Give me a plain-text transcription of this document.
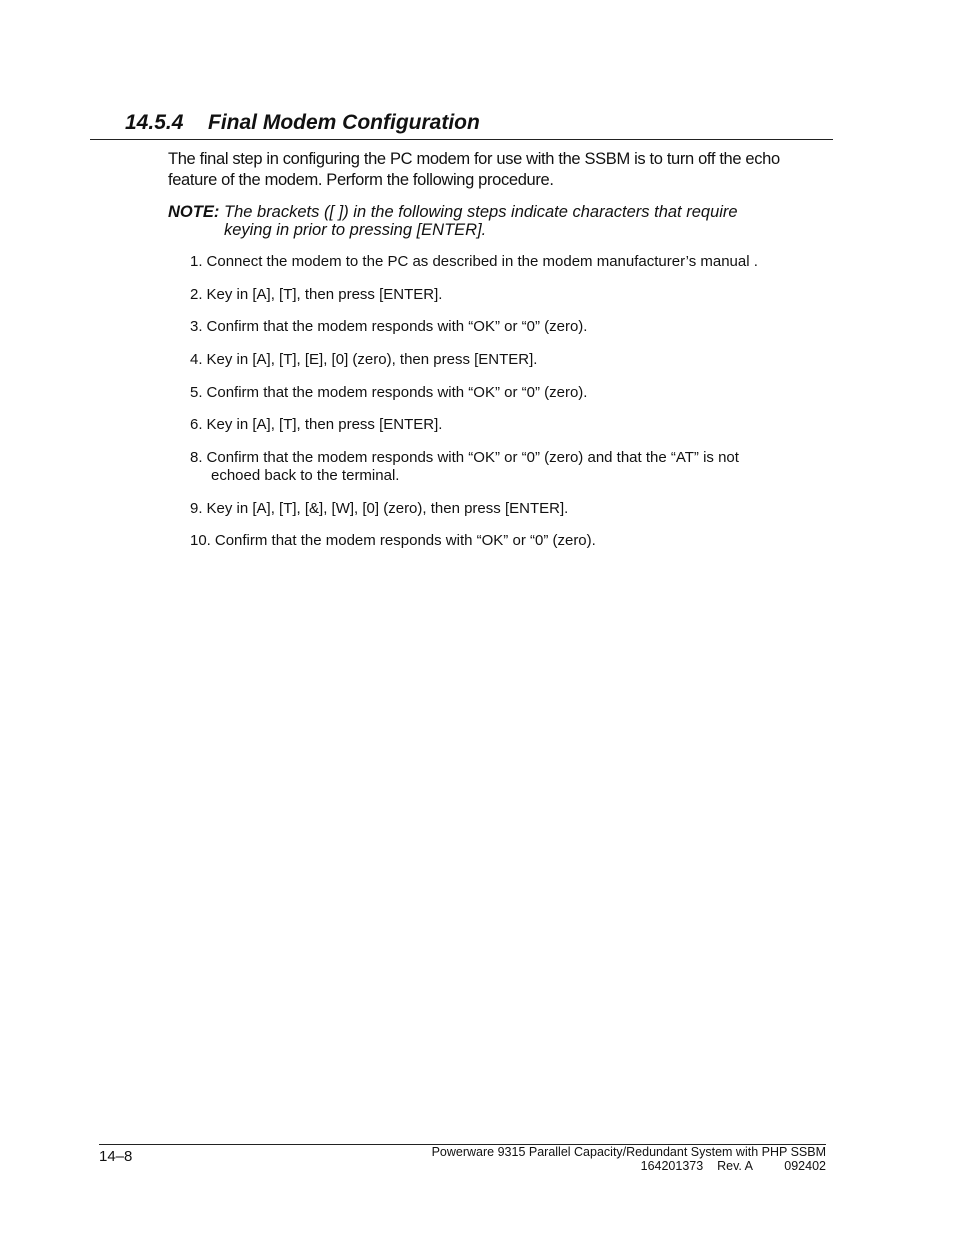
14.5.4 Final Modem Configuration

The final step in configuring the PC modem for use with the SSBM is to turn off the echo
feature of the modem. Perform the following procedure.

NOTE: The brackets ([ ]) in the following steps indicate characters that require
keying in prior to pressing [ENTER].
1. Connect the modem to the PC as described in the modem manufacturer’s manual .
2. Key in [A], [T], then press [ENTER].
3. Confirm that the modem responds with “OK” or “0” (zero).
4. Key in [A], [T], [E], [0] (zero), then press [ENTER].
5. Confirm that the modem responds with “OK” or “0” (zero).
6. Key in [A], [T], then press [ENTER].
8. Confirm that the modem responds with “OK” or “0” (zero) and that the “AT” is not
echoed back to the terminal.
9. Key in [A], [T], [&], [W], [0] (zero), then press [ENTER].
10. Confirm that the modem responds with “OK” or “0” (zero).
14–8	Powerware 9315 Parallel Capacity/Redundant System with PHP SSBM
164201373 Rev. A	092402
